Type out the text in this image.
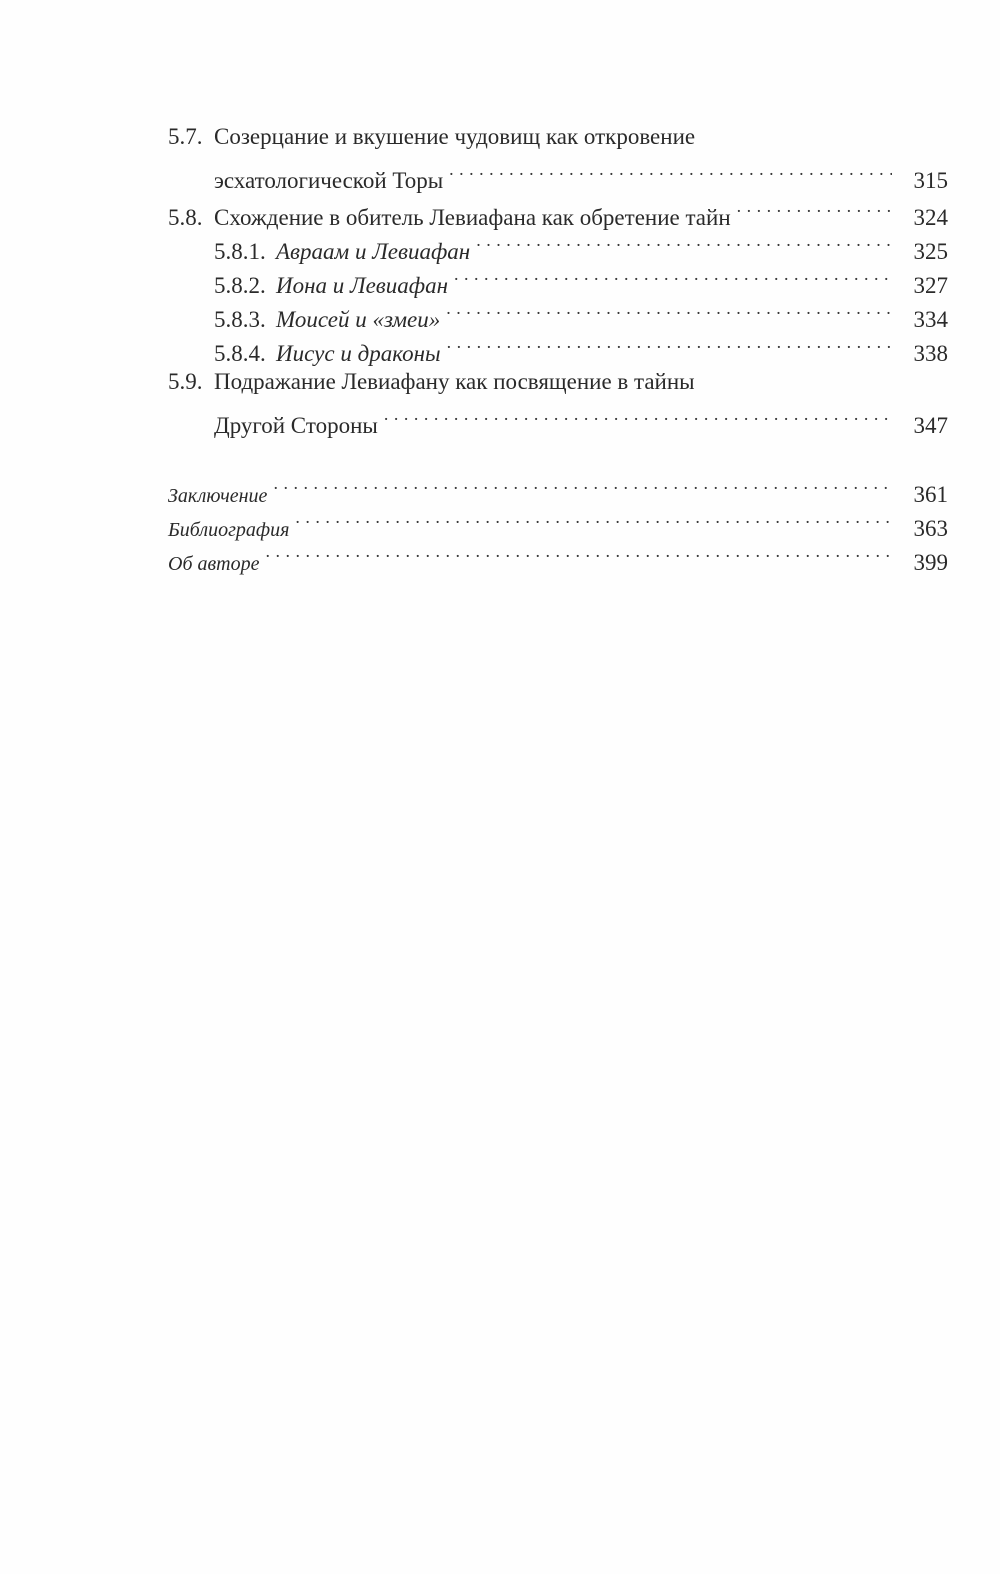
5.7. Созерцание и вкушение чудовищ как откровение
эсхатологической Торы . . .	315
5.8. Схождение в обитель Левиафана как обретение тайн . . .	324
5.8.1. Авраам и Левиафан . . .	325
5.8.2. Иона и Левиафан . . .	327
5.8.3. Моисей и «змеи» . . .	334
5.8.4. Иисус и драконы . . .	338
5.9. Подражание Левиафану как посвящение в тайны
Другой Стороны . . .	347
Заключение . . .	361
Библиография . . .	363
Об авторе . . .	399
